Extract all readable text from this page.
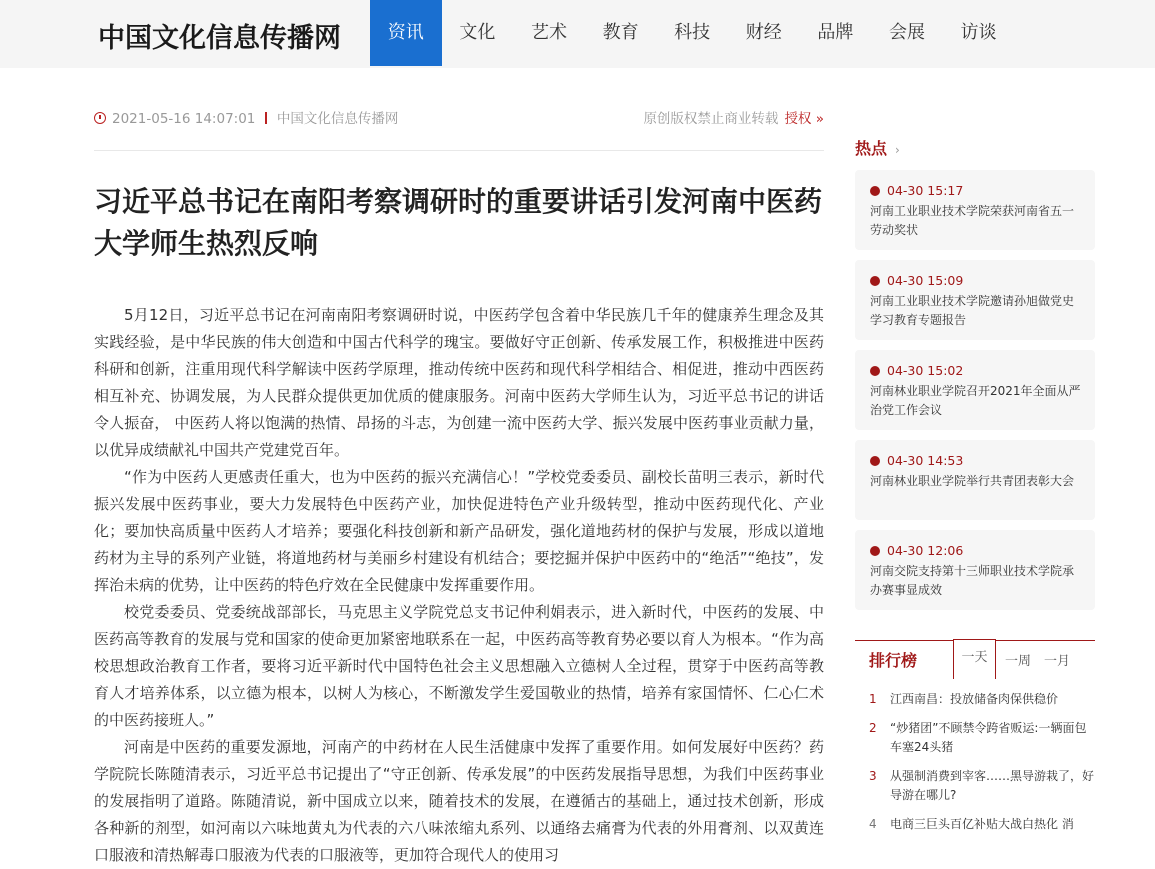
中国文化信息传播网	资讯	文化	艺术	教育	科技	财经	品牌	会展	访谈
2021-05-16 14:07:01 中国文化信息传播网	原创版权禁止商业转载 授权 »
习近平总书记在南阳考察调研时的重要讲话引发河南中医药大学师生热烈反响

5月12日，习近平总书记在河南南阳考察调研时说，中医药学包含着中华民族几千年的健康养生理念及其实践经验，是中华民族的伟大创造和中国古代科学的瑰宝。要做好守正创新、传承发展工作，积极推进中医药科研和创新，注重用现代科学解读中医药学原理，推动传统中医药和现代科学相结合、相促进，推动中西医药相互补充、协调发展，为人民群众提供更加优质的健康服务。河南中医药大学师生认为，习近平总书记的讲话令人振奋， 中医药人将以饱满的热情、昂扬的斗志，为创建一流中医药大学、振兴发展中医药事业贡献力量，以优异成绩献礼中国共产党建党百年。

“作为中医药人更感责任重大，也为中医药的振兴充满信心！”学校党委委员、副校长苗明三表示，新时代振兴发展中医药事业，要大力发展特色中医药产业，加快促进特色产业升级转型，推动中医药现代化、产业化；要加快高质量中医药人才培养；要强化科技创新和新产品研发，强化道地药材的保护与发展，形成以道地药材为主导的系列产业链，将道地药材与美丽乡村建设有机结合；要挖掘并保护中医药中的“绝活”“绝技”，发挥治未病的优势，让中医药的特色疗效在全民健康中发挥重要作用。

校党委委员、党委统战部部长，马克思主义学院党总支书记仲利娟表示，进入新时代，中医药的发展、中医药高等教育的发展与党和国家的使命更加紧密地联系在一起，中医药高等教育势必要以育人为根本。“作为高校思想政治教育工作者，要将习近平新时代中国特色社会主义思想融入立德树人全过程，贯穿于中医药高等教育人才培养体系，以立德为根本，以树人为核心，不断激发学生爱国敬业的热情，培养有家国情怀、仁心仁术的中医药接班人。”

河南是中医药的重要发源地，河南产的中药材在人民生活健康中发挥了重要作用。如何发展好中医药？药学院院长陈随清表示，习近平总书记提出了“守正创新、传承发展”的中医药发展指导思想，为我们中医药事业的发展指明了道路。陈随清说，新中国成立以来，随着技术的发展，在遵循古的基础上，通过技术创新，形成各种新的剂型，如河南以六味地黄丸为代表的六八味浓缩丸系列、以通络去痛膏为代表的外用膏剂、以双黄连口服液和清热解毒口服液为代表的口服液等，更加符合现代人的使用习

热点 ›
04-30 15:17
河南工业职业技术学院荣获河南省五一劳动奖状
04-30 15:09
河南工业职业技术学院邀请孙旭做党史学习教育专题报告
04-30 15:02
河南林业职业学院召开2021年全面从严治党工作会议
04-30 14:53
河南林业职业学院举行共青团表彰大会
04-30 12:06
河南交院支持第十三师职业技术学院承办赛事显成效
排行榜	一天	一周 一月
1	江西南昌：投放储备肉保供稳价
2	“炒猪团”不顾禁令跨省贩运:一辆面包车塞24头猪
3	从强制消费到宰客……黑导游栽了，好导游在哪儿?
4	电商三巨头百亿补贴大战白热化 消
